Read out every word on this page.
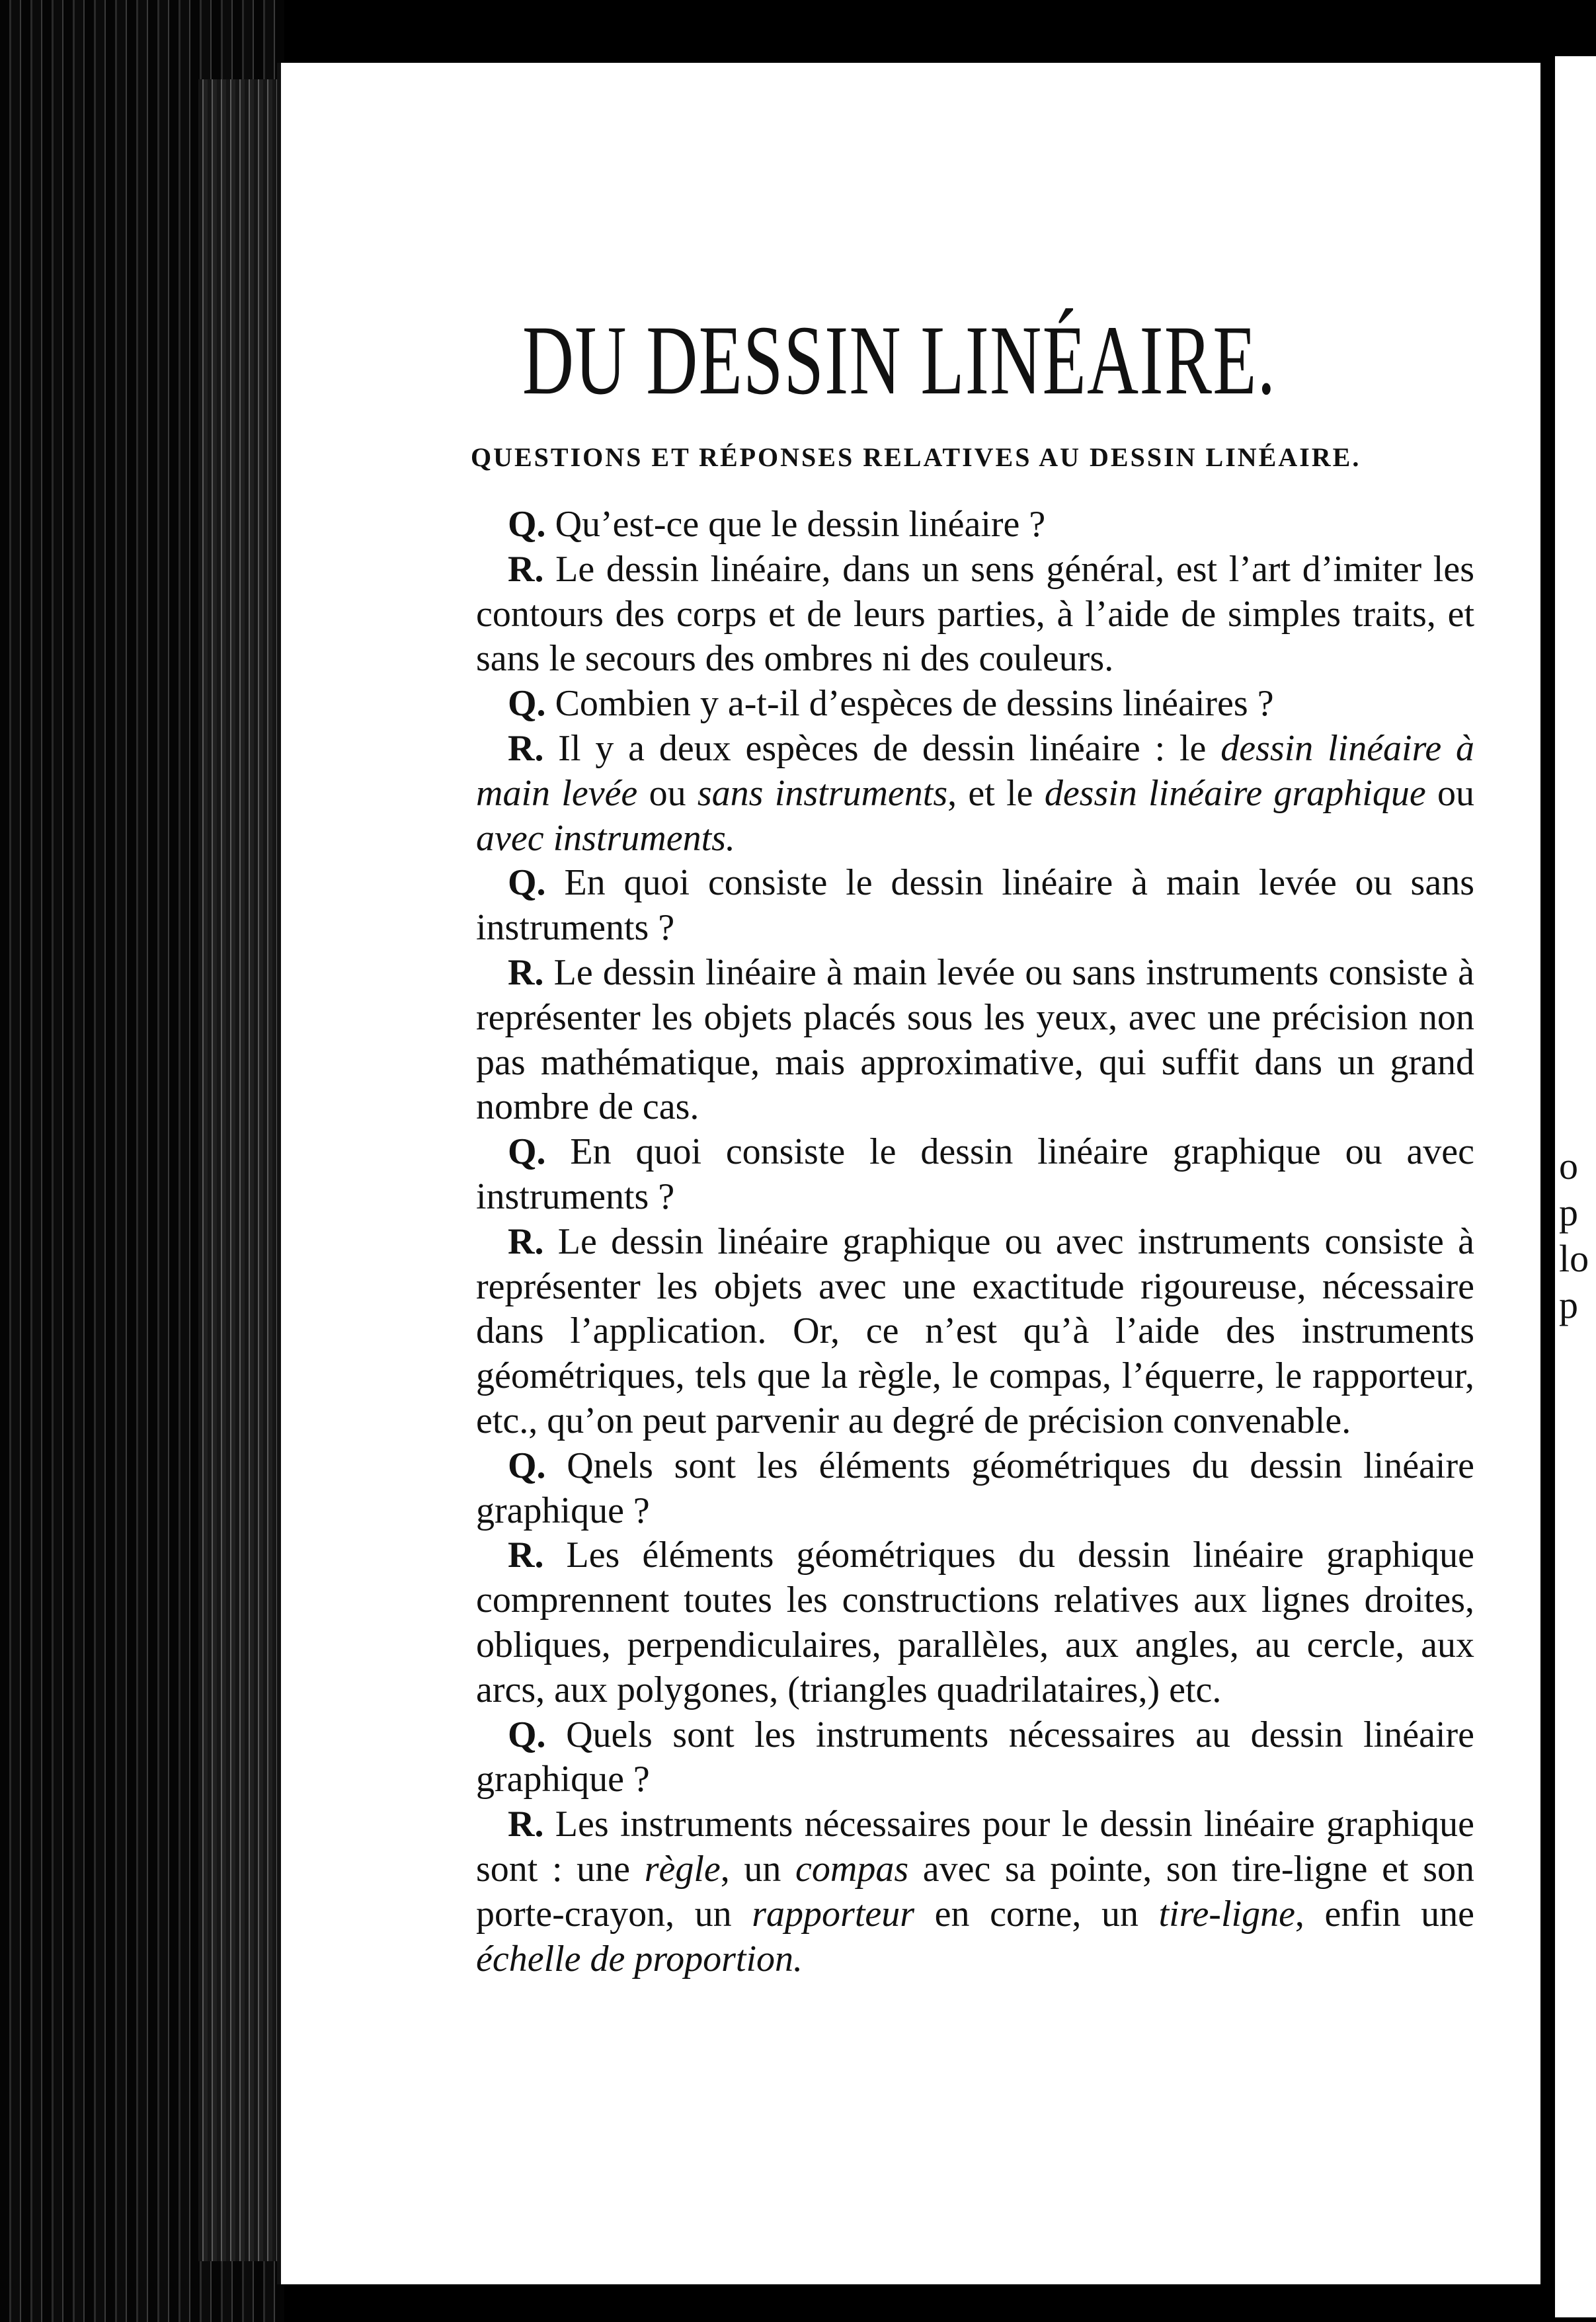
o
p
lo
p
DU DESSIN LINÉAIRE.
QUESTIONS ET RÉPONSES RELATIVES AU DESSIN LINÉAIRE.

Q. Qu’est-ce que le dessin linéaire ?

R. Le dessin linéaire, dans un sens général, est l’art d’imiter les contours des corps et de leurs parties, à l’aide de simples traits, et sans le secours des ombres ni des couleurs.

Q. Combien y a-t-il d’espèces de dessins linéaires ?

R. Il y a deux espèces de dessin linéaire : le dessin linéaire à main levée ou sans instruments, et le dessin linéaire graphique ou avec instruments.

Q. En quoi consiste le dessin linéaire à main levée ou sans instruments ?

R. Le dessin linéaire à main levée ou sans instruments consiste à représenter les objets placés sous les yeux, avec une précision non pas mathématique, mais approximative, qui suffit dans un grand nombre de cas.

Q. En quoi consiste le dessin linéaire graphique ou avec instruments ?

R. Le dessin linéaire graphique ou avec instruments consiste à représenter les objets avec une exactitude rigoureuse, nécessaire dans l’application. Or, ce n’est qu’à l’aide des instruments géométriques, tels que la règle, le compas, l’équerre, le rapporteur, etc., qu’on peut parvenir au degré de précision convenable.

Q. Qnels sont les éléments géométriques du dessin linéaire graphique ?

R. Les éléments géométriques du dessin linéaire graphique comprennent toutes les constructions relatives aux lignes droites, obliques, perpendiculaires, parallèles, aux angles, au cercle, aux arcs, aux polygones, (triangles quadrilataires,) etc.

Q. Quels sont les instruments nécessaires au dessin linéaire graphique ?

R. Les instruments nécessaires pour le dessin linéaire graphique sont : une règle, un compas avec sa pointe, son tire-ligne et son porte-crayon, un rapporteur en corne, un tire-ligne, enfin une échelle de proportion.
